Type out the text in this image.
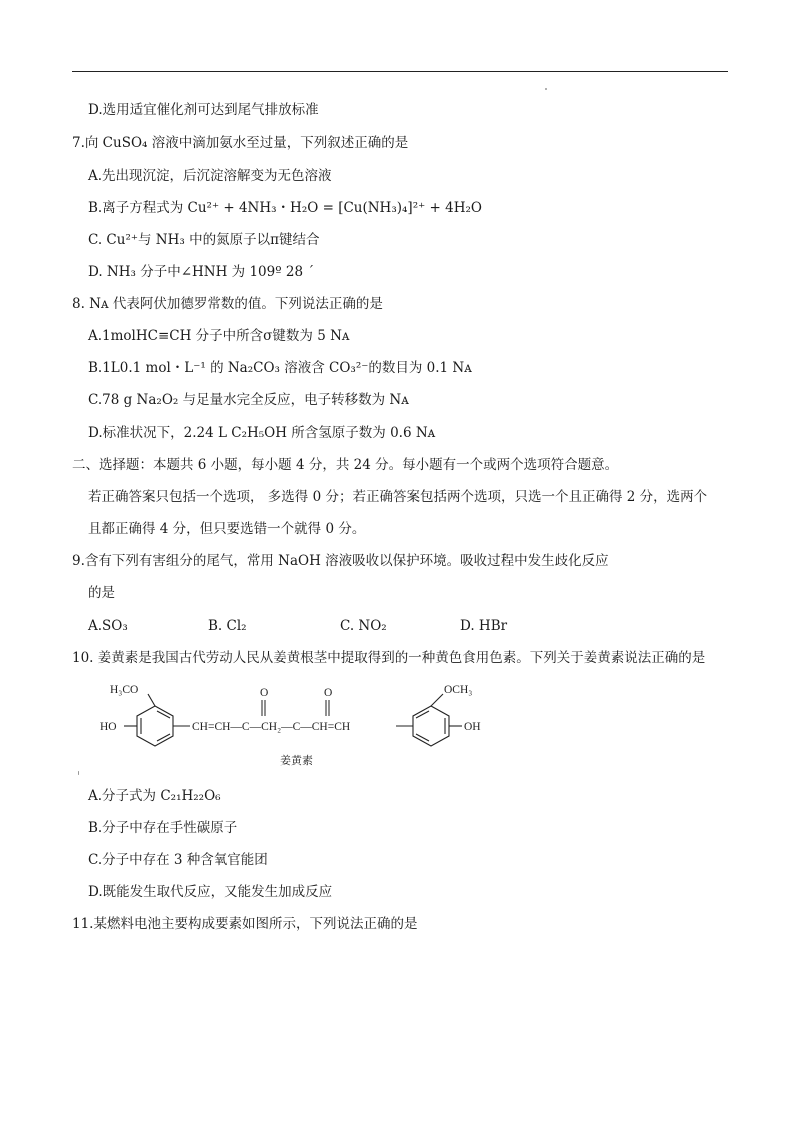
D.选用适宜催化剂可达到尾气排放标准
7.向 CuSO₄ 溶液中滴加氨水至过量，下列叙述正确的是
A.先出现沉淀，后沉淀溶解变为无色溶液
B.离子方程式为 Cu²⁺ + 4NH₃・H₂O = [Cu(NH₃)₄]²⁺ + 4H₂O
C. Cu²⁺与 NH₃ 中的氮原子以π键结合
D. NH₃ 分子中∠HNH 为 109º 28 ´
8. Nᴀ 代表阿伏加德罗常数的值。下列说法正确的是
A.1molHC≡CH 分子中所含σ键数为 5 Nᴀ
B.1L0.1 mol・L⁻¹ 的 Na₂CO₃ 溶液含 CO₃²⁻的数目为 0.1 Nᴀ
C.78 g Na₂O₂ 与足量水完全反应，电子转移数为 Nᴀ
D.标准状况下，2.24 L C₂H₅OH 所含氢原子数为 0.6 Nᴀ
二、选择题：本题共 6 小题，每小题 4 分，共 24 分。每小题有一个或两个选项符合题意。
若正确答案只包括一个选项， 多选得 0 分；若正确答案包括两个选项，只选一个且正确得 2 分，选两个
且都正确得 4 分，但只要选错一个就得 0 分。
9.含有下列有害组分的尾气，常用 NaOH 溶液吸收以保护环境。吸收过程中发生歧化反应
的是
A.SO₃	B. Cl₂	C. NO₂	D. HBr
10. 姜黄素是我国古代劳动人民从姜黄根茎中提取得到的一种黄色食用色素。下列关于姜黄素说法正确的是
H₃CO
HO	CH=CH—C—CH₂—C—CH=CH
O	O	OCH₃
OH
姜黄素
A.分子式为 C₂₁H₂₂O₆
B.分子中存在手性碳原子
C.分子中存在 3 种含氧官能团
D.既能发生取代反应，又能发生加成反应
11.某燃料电池主要构成要素如图所示，下列说法正确的是
